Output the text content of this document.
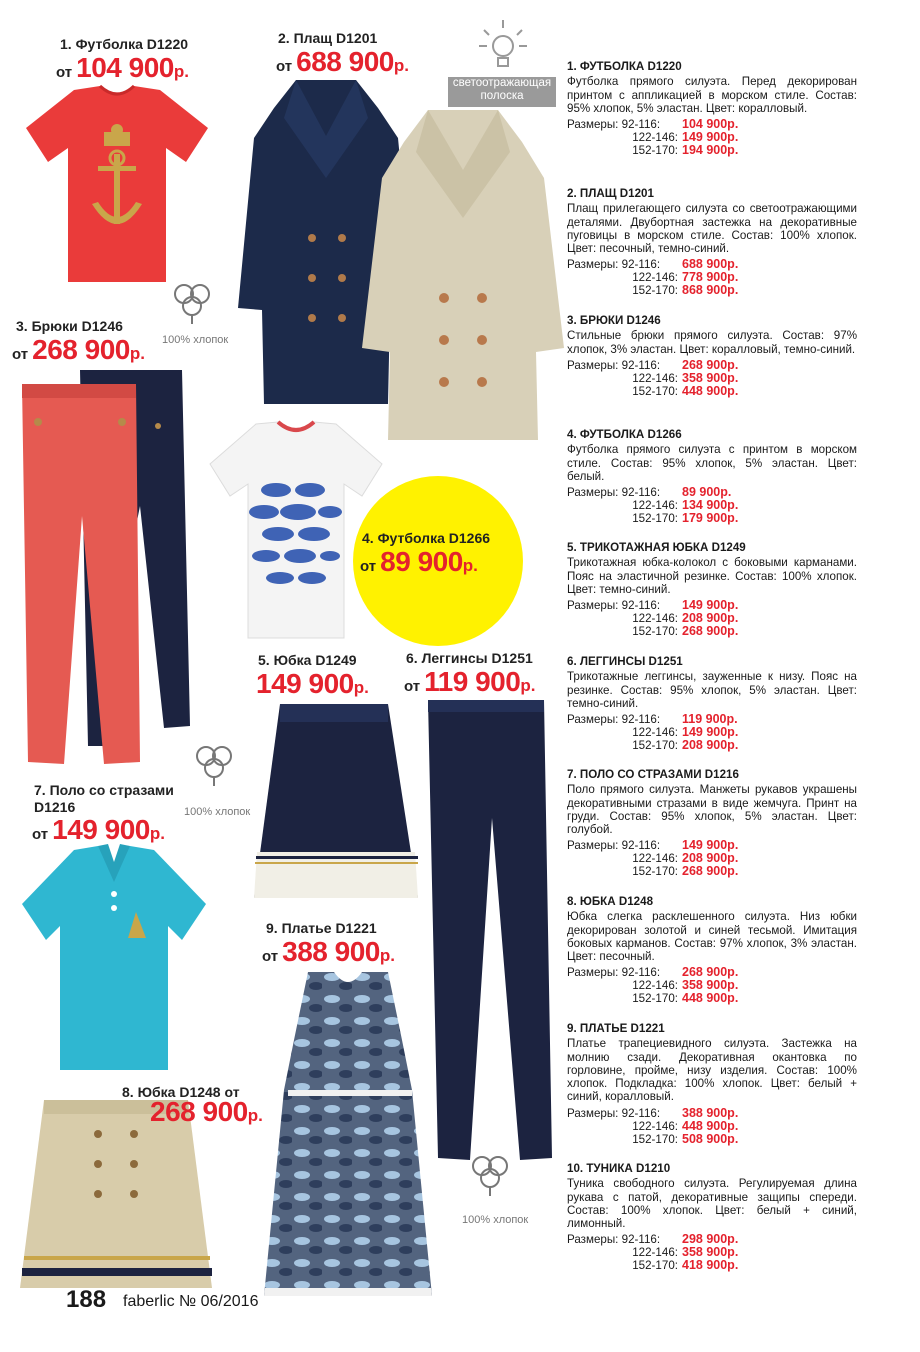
светоотражающая полоска
100% хлопок
100% хлопок
100% хлопок
1. Футболка D1220
от 104 900р.
2. Плащ D1201
от 688 900р.
3. Брюки D1246
от 268 900р.
4. Футболка D1266
от 89 900р.
5. Юбка D1249
149 900р.
6. Леггинсы D1251
от 119 900р.
7. Поло со стразами D1216
от 149 900р.
8. Юбка D1248 от
268 900р.
9. Платье D1221
от 388 900р.
1. ФУТБОЛКА D1220
Футболка прямого силуэта. Перед декорирован принтом с аппликацией в морском стиле. Состав: 95% хлопок, 5% эластан. Цвет: коралловый.
Размеры: 92-116:	104 900р.
122-146: 149 900р.
152-170: 194 900р.
2. ПЛАЩ D1201
Плащ прилегающего силуэта со светоотражающими деталями. Двубортная застежка на декоративные пуговицы в морском стиле. Состав: 100% хлопок. Цвет: песочный, темно-синий.
Размеры: 92-116:	688 900р.
122-146: 778 900р.
152-170: 868 900р.
3. БРЮКИ D1246
Стильные брюки прямого силуэта. Состав: 97% хлопок, 3% эластан. Цвет: коралловый, темно-синий.
Размеры: 92-116:	268 900р.
122-146: 358 900р.
152-170: 448 900р.
4. ФУТБОЛКА D1266
Футболка прямого силуэта с принтом в морском стиле. Состав: 95% хлопок, 5% эластан. Цвет: белый.
Размеры: 92-116:	89 900р.
122-146: 134 900р.
152-170: 179 900р.
5. ТРИКОТАЖНАЯ ЮБКА D1249
Трикотажная юбка-колокол с боковыми карманами. Пояс на эластичной резинке. Состав: 100% хлопок. Цвет: темно-синий.
Размеры: 92-116:	149 900р.
122-146: 208 900р.
152-170: 268 900р.
6. ЛЕГГИНСЫ D1251
Трикотажные леггинсы, зауженные к низу. Пояс на резинке. Состав: 95% хлопок, 5% эластан. Цвет: темно-синий.
Размеры: 92-116:	119 900р.
122-146: 149 900р.
152-170: 208 900р.
7. ПОЛО СО СТРАЗАМИ D1216
Поло прямого силуэта. Манжеты рукавов украшены декоративными стразами в виде жемчуга. Принт на груди. Состав: 95% хлопок, 5% эластан. Цвет: голубой.
Размеры: 92-116:	149 900р.
122-146: 208 900р.
152-170: 268 900р.
8. ЮБКА D1248
Юбка слегка расклешенного силуэта. Низ юбки декорирован золотой и синей тесьмой. Имитация боковых карманов. Состав: 97% хлопок, 3% эластан. Цвет: песочный.
Размеры: 92-116:	268 900р.
122-146: 358 900р.
152-170: 448 900р.
9. ПЛАТЬЕ D1221
Платье трапециевидного силуэта. Застежка на молнию сзади. Декоративная окантовка по горловине, пройме, низу изделия. Состав: 100% хлопок. Подкладка: 100% хлопок. Цвет: белый + синий, коралловый.
Размеры: 92-116:	388 900р.
122-146: 448 900р.
152-170: 508 900р.
10. ТУНИКА D1210
Туника свободного силуэта. Регулируемая длина рукава с патой, декоративные защипы спереди. Состав: 100% хлопок. Цвет: белый + синий, лимонный.
Размеры: 92-116:	298 900р.
122-146: 358 900р.
152-170: 418 900р.
188 faberlic № 06/2016
